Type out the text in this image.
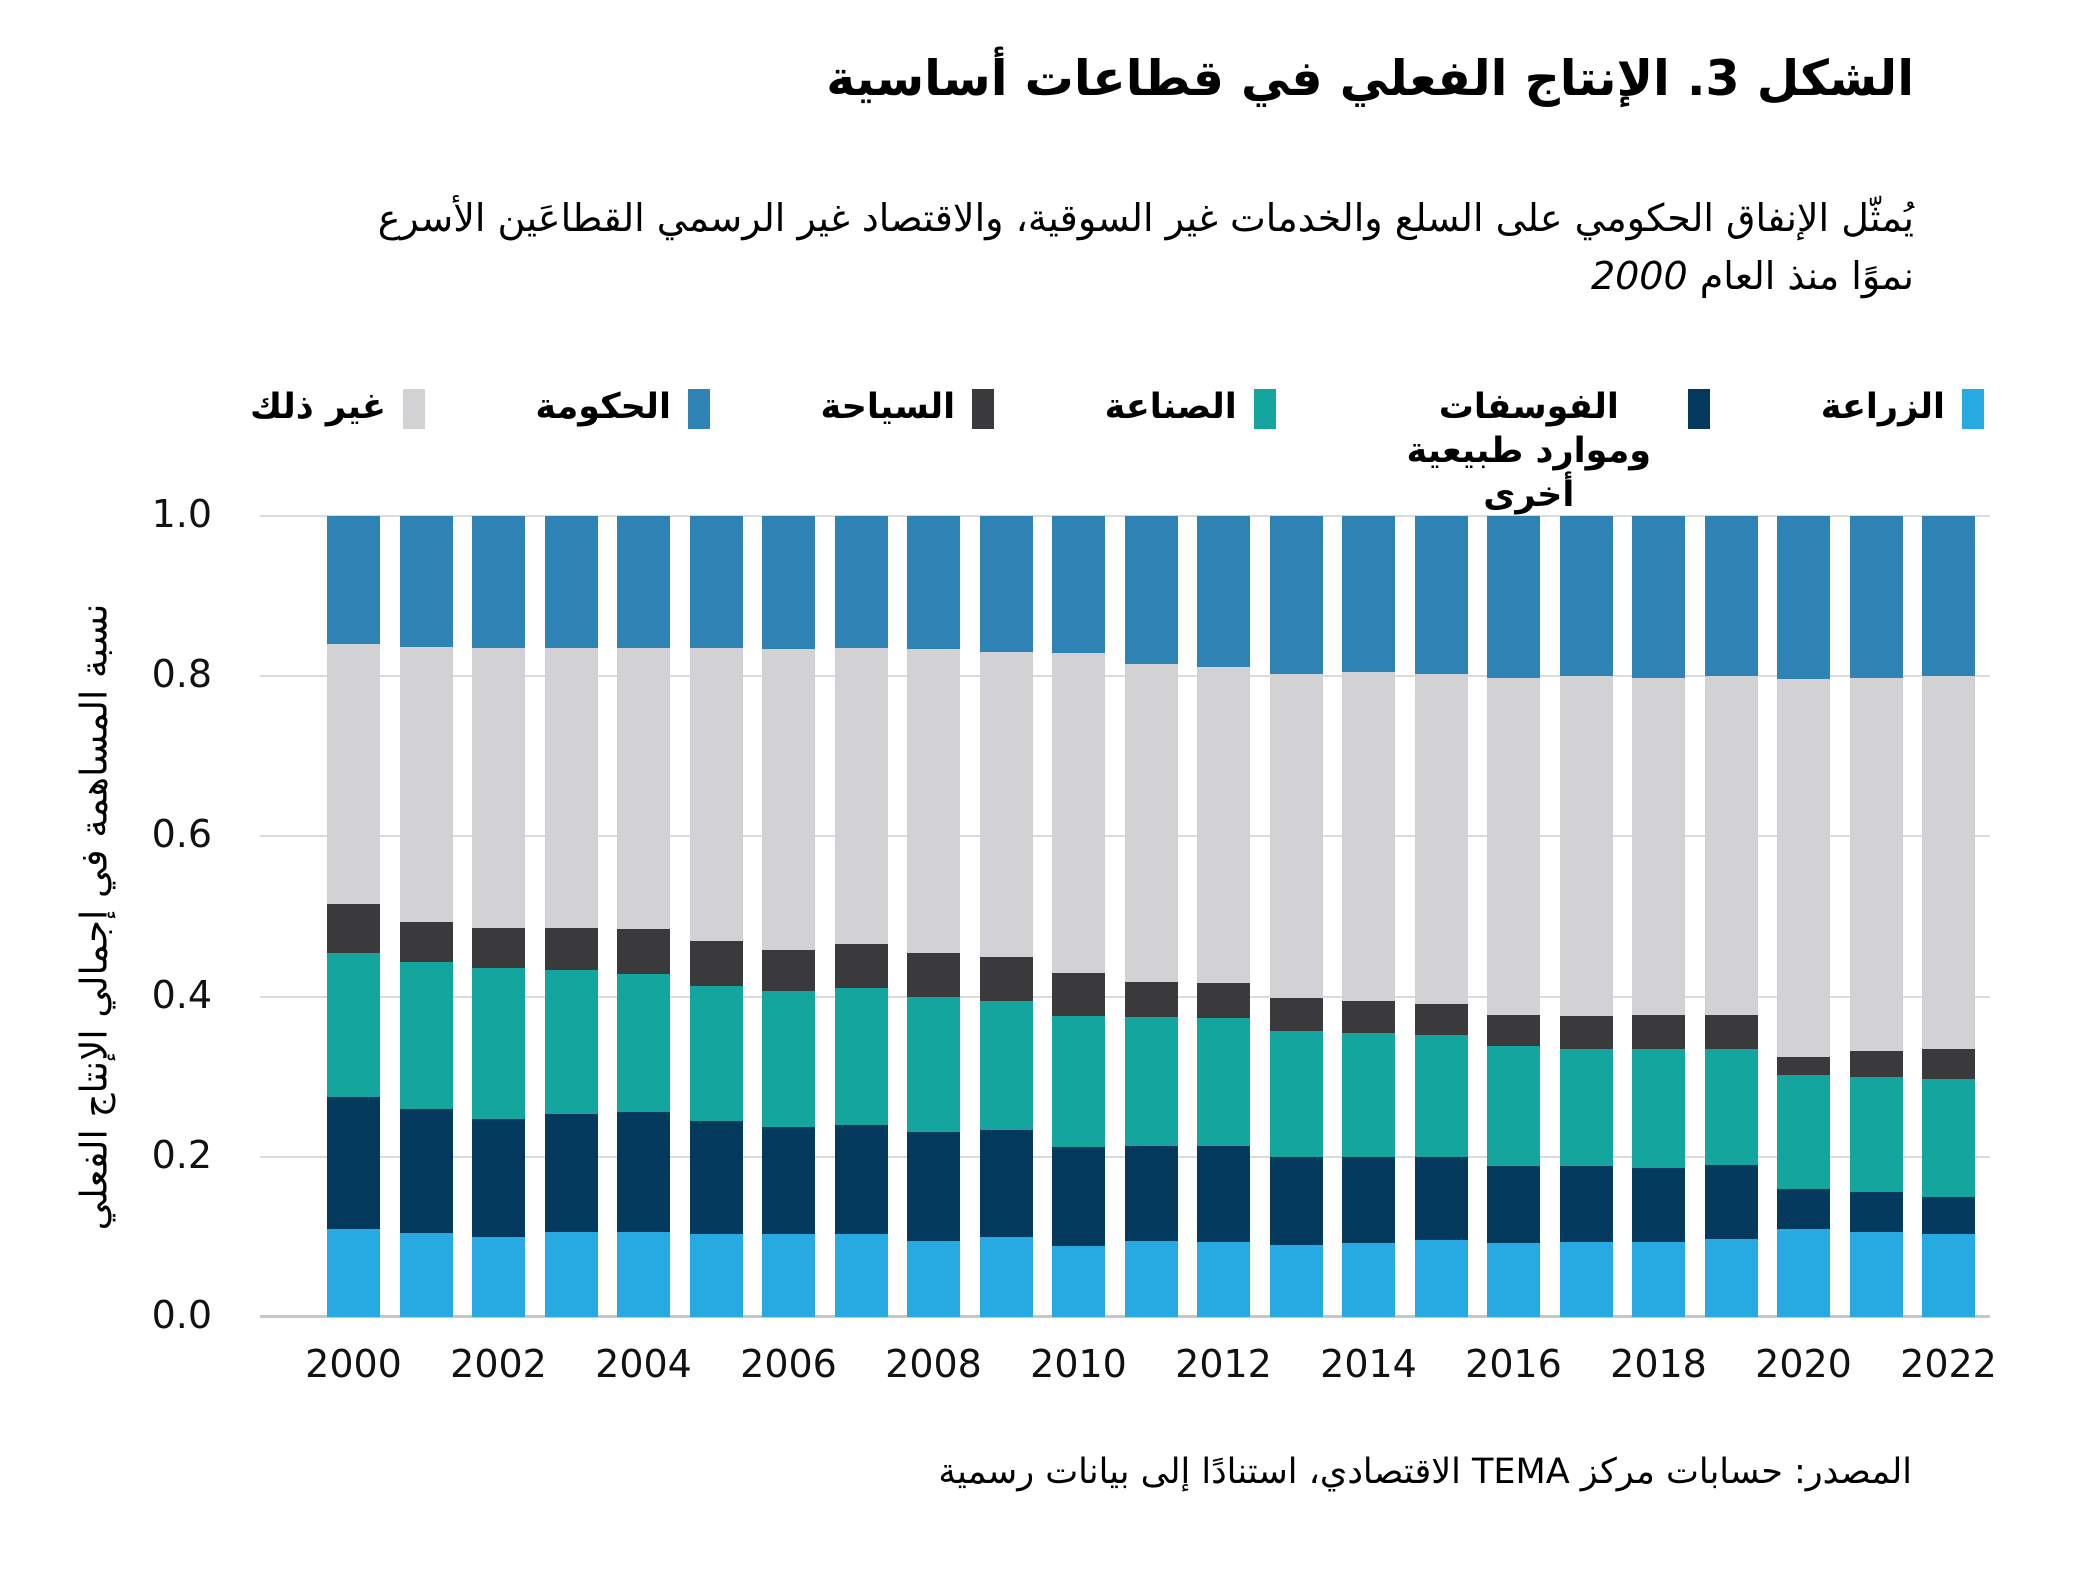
الشكل 3. الإنتاج الفعلي في قطاعات أساسية
يُمثّل الإنفاق الحكومي على السلع والخدمات غير السوقية، والاقتصاد غير الرسمي القطاعَين الأسرع
نموًا منذ العام 2000
الزراعة
الفوسفات وموارد طبيعية أخرى
الصناعة
السياحة
الحكومة
غير ذلك
نسبة المساهمة في إجمالي الإنتاج الفعلي
1.0
0.8
0.6
0.4
0.2
0.0
2000	2002	2004	2006	2008	2010	2012	2014	2016	2018	2020	2022
المصدر: حسابات مركز TEMA الاقتصادي، استنادًا إلى بيانات رسمية
